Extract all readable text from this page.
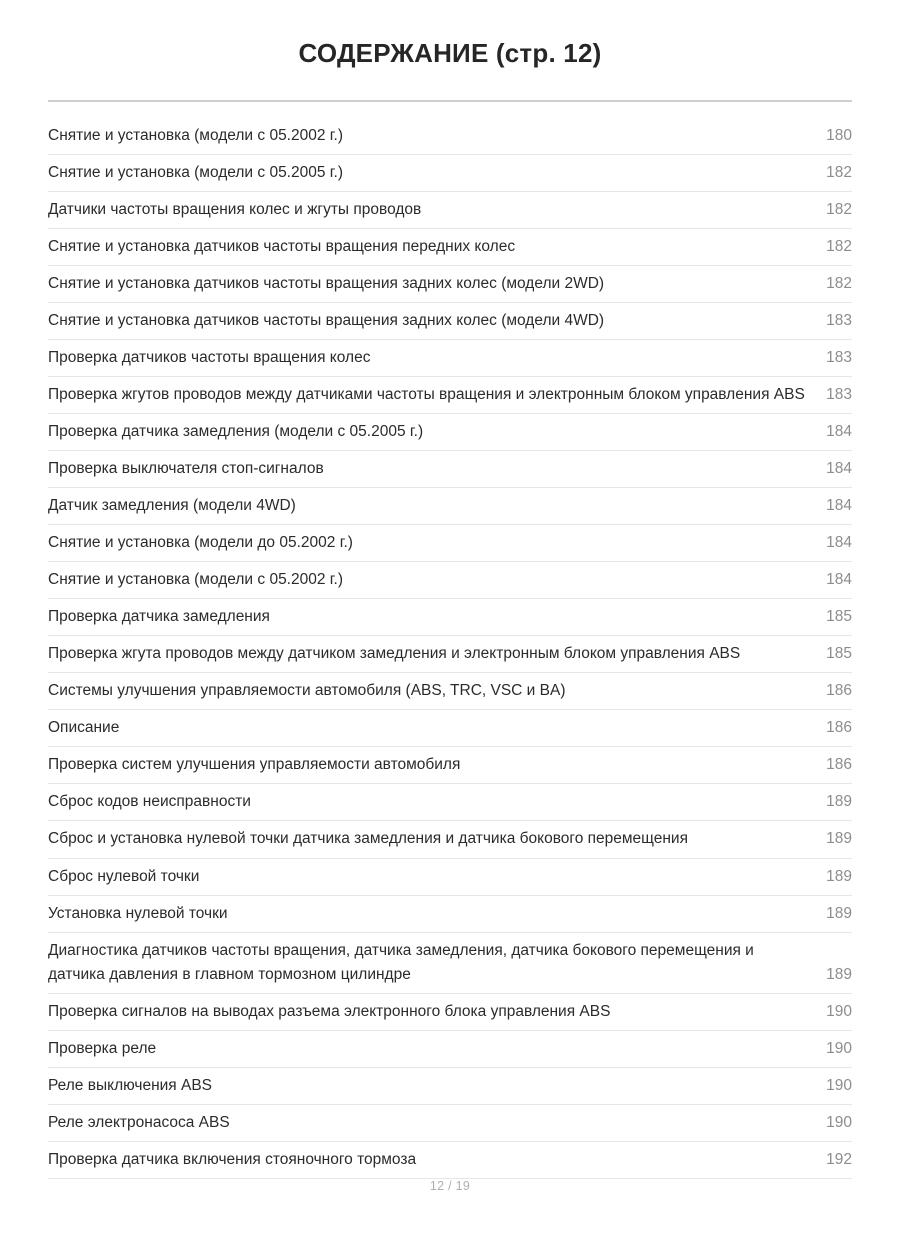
СОДЕРЖАНИЕ (стр. 12)
Снятие и установка (модели с 05.2002 г.)	180
Снятие и установка (модели с 05.2005 г.)	182
Датчики частоты вращения колес и жгуты проводов	182
Снятие и установка датчиков частоты вращения передних колес	182
Снятие и установка датчиков частоты вращения задних колес (модели 2WD)	182
Снятие и установка датчиков частоты вращения задних колес (модели 4WD)	183
Проверка датчиков частоты вращения колес	183
Проверка жгутов проводов между датчиками частоты вращения и электронным блоком управления ABS	183
Проверка датчика замедления (модели с 05.2005 г.)	184
Проверка выключателя стоп-сигналов	184
Датчик замедления (модели 4WD)	184
Снятие и установка (модели до 05.2002 г.)	184
Снятие и установка (модели с 05.2002 г.)	184
Проверка датчика замедления	185
Проверка жгута проводов между датчиком замедления и электронным блоком управления ABS	185
Системы улучшения управляемости автомобиля (ABS, TRC, VSC и BA)	186
Описание	186
Проверка систем улучшения управляемости автомобиля	186
Сброс кодов неисправности	189
Сброс и установка нулевой точки датчика замедления и датчика бокового перемещения	189
Сброс нулевой точки	189
Установка нулевой точки	189
Диагностика датчиков частоты вращения, датчика замедления, датчика бокового перемещения и датчика давления в главном тормозном цилиндре	189
Проверка сигналов на выводах разъема электронного блока управления ABS	190
Проверка реле	190
Реле выключения ABS	190
Реле электронасоса ABS	190
Проверка датчика включения стояночного тормоза	192
12 / 19
